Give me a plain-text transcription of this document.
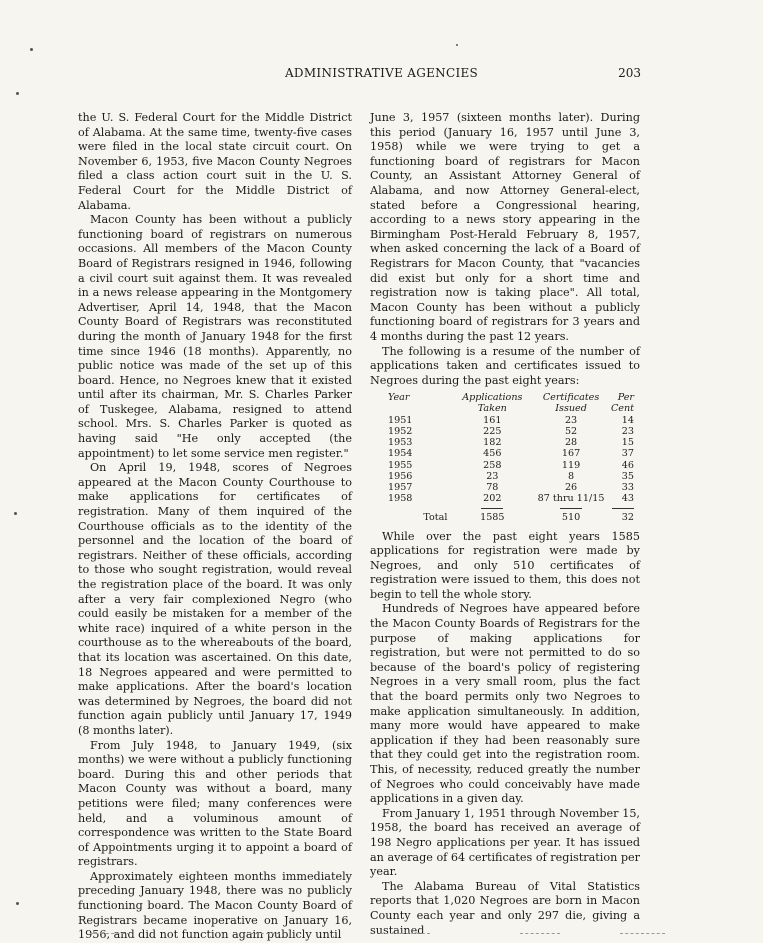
ADMINISTRATIVE AGENCIES	203

the U. S. Federal Court for the Middle District of Alabama. At the same time, twenty-five cases were filed in the local state circuit court. On November 6, 1953, five Macon County Negroes filed a class action court suit in the U. S. Federal Court for the Middle District of Alabama.

Macon County has been without a publicly functioning board of registrars on numerous occasions. All members of the Macon County Board of Registrars resigned in 1946, following a civil court suit against them. It was revealed in a news release appearing in the Montgomery Advertiser, April 14, 1948, that the Macon County Board of Registrars was reconstituted during the month of January 1948 for the first time since 1946 (18 months). Apparently, no public notice was made of the set up of this board. Hence, no Negroes knew that it existed until after its chairman, Mr. S. Charles Parker of Tuskegee, Alabama, resigned to attend school. Mrs. S. Charles Parker is quoted as having said "He only accepted (the appointment) to let some service men register."

On April 19, 1948, scores of Negroes appeared at the Macon County Courthouse to make applications for certificates of registration. Many of them inquired of the Courthouse officials as to the identity of the personnel and the location of the board of registrars. Neither of these officials, according to those who sought registration, would reveal the registration place of the board. It was only after a very fair complexioned Negro (who could easily be mistaken for a member of the white race) inquired of a white person in the courthouse as to the whereabouts of the board, that its location was ascertained. On this date, 18 Negroes appeared and were permitted to make applications. After the board's location was determined by Negroes, the board did not function again publicly until January 17, 1949 (8 months later).

From July 1948, to January 1949, (six months) we were without a publicly functioning board. During this and other periods that Macon County was without a board, many petitions were filed; many conferences were held, and a voluminous amount of correspondence was written to the State Board of Appointments urging it to appoint a board of registrars.

Approximately eighteen months immediately preceding January 1948, there was no publicly functioning board. The Macon County Board of Registrars became inoperative on January 16, 1956, and did not function again publicly until

June 3, 1957 (sixteen months later). During this period (January 16, 1957 until June 3, 1958) while we were trying to get a functioning board of registrars for Macon County, an Assistant Attorney General of Alabama, and now Attorney General-elect, stated before a Congressional hearing, according to a news story appearing in the Birmingham Post-Herald February 8, 1957, when asked concerning the lack of a Board of Registrars for Macon County, that "vacancies did exist but only for a short time and registration now is taking place". All total, Macon County has been without a publicly functioning board of registrars for 3 years and 4 months during the past 12 years.

The following is a resume of the number of applications taken and certificates issued to Negroes during the past eight years:

Year	Applications Taken	Certificates Issued	Per Cent
1951	161	23	14
1952	225	52	23
1953	182	28	15
1954	456	167	37
1955	258	119	46
1956	23	8	35
1957	78	26	33
1958	202	87 thru 11/15	43

Total	1585	510	32

While over the past eight years 1585 applications for registration were made by Negroes, and only 510 certificates of registration were issued to them, this does not begin to tell the whole story.

Hundreds of Negroes have appeared before the Macon County Boards of Registrars for the purpose of making applications for registration, but were not permitted to do so because of the board's policy of registering Negroes in a very small room, plus the fact that the board permits only two Negroes to make application simultaneously. In addition, many more would have appeared to make application if they had been reasonably sure that they could get into the registration room. This, of necessity, reduced greatly the number of Negroes who could conceivably have made applications in a given day.

From January 1, 1951 through November 15, 1958, the board has received an average of 198 Negro applications per year. It has issued an average of 64 certificates of registration per year.

The Alabama Bureau of Vital Statistics reports that 1,020 Negroes are born in Macon County each year and only 297 die, giving a sustained
